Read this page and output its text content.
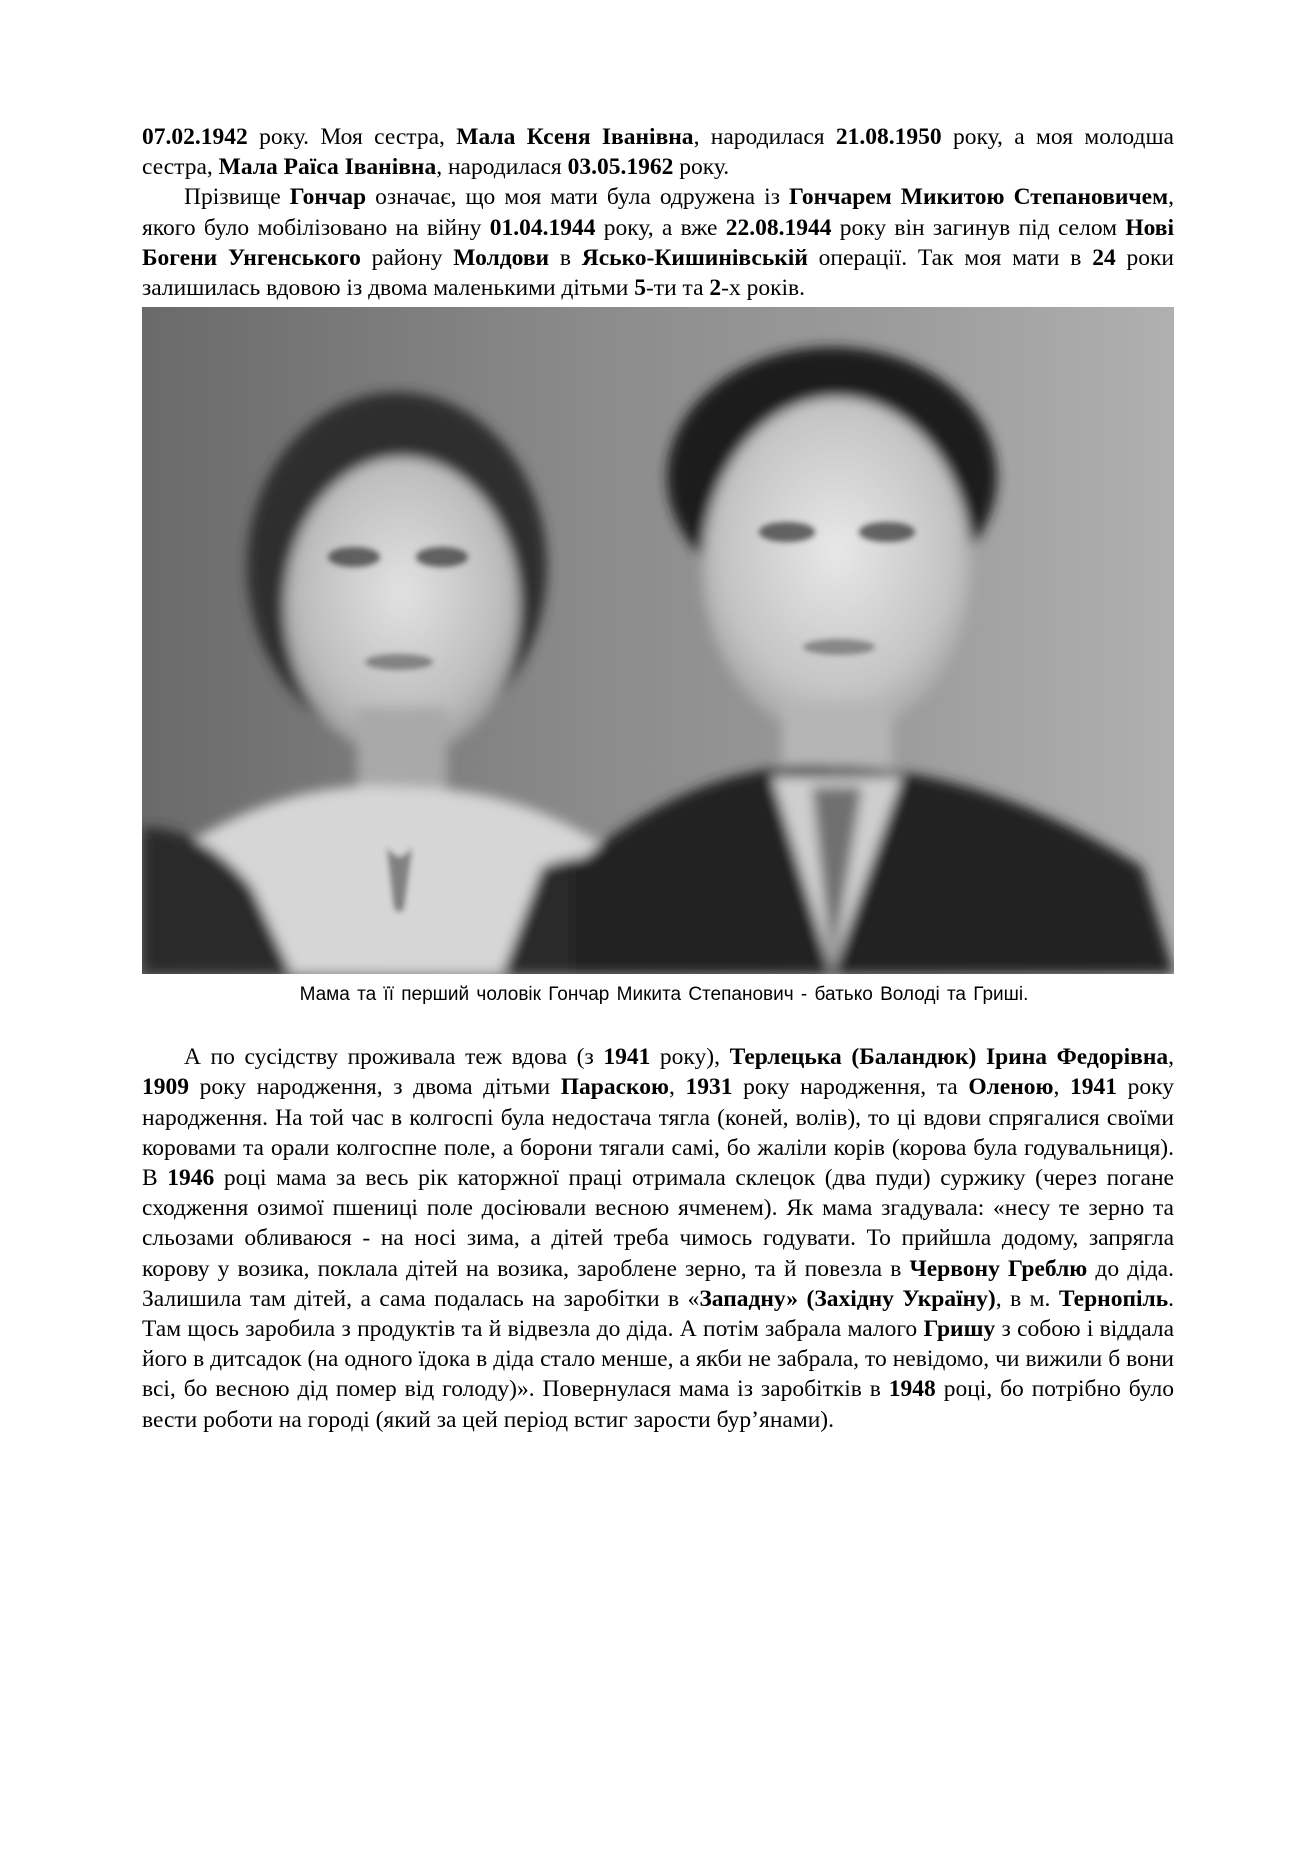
07.02.1942 року. Моя сестра, Мала Ксеня Іванівна, народилася 21.08.1950 року, а моя молодша сестра, Мала Раїса Іванівна, народилася 03.05.1962 року.

Прізвище Гончар означає, що моя мати була одружена із Гончарем Микитою Степановичем, якого було мобілізовано на війну 01.04.1944 року, а вже 22.08.1944 року він загинув під селом Нові Богени Унгенського району Молдови в Ясько-Кишинівській операції. Так моя мати в 24 роки залишилась вдовою із двома маленькими дітьми 5-ти та 2-х років.

Мама та її перший чоловік Гончар Микита Степанович - батько Володі та Гриші.

А по сусідству проживала теж вдова (з 1941 року), Терлецька (Баландюк) Ірина Федорівна, 1909 року народження, з двома дітьми Параскою, 1931 року народження, та Оленою, 1941 року народження. На той час в колгоспі була недостача тягла (коней, волів), то ці вдови спрягалися своїми коровами та орали колгоспне поле, а борони тягали самі, бо жаліли корів (корова була годувальниця). В 1946 році мама за весь рік каторжної праці отримала склецок (два пуди) суржику (через погане сходження озимої пшениці поле досіювали весною ячменем). Як мама згадувала: «несу те зерно та сльозами обливаюся - на носі зима, а дітей треба чимось годувати. То прийшла додому, запрягла корову у возика, поклала дітей на возика, зароблене зерно, та й повезла в Червону Греблю до діда. Залишила там дітей, а сама подалась на заробітки в «Западну» (Західну Україну), в м. Тернопіль. Там щось заробила з продуктів та й відвезла до діда. А потім забрала малого Гришу з собою і віддала його в дитсадок (на одного їдока в діда стало менше, а якби не забрала, то невідомо, чи вижили б вони всі, бо весною дід помер від голоду)». Повернулася мама із заробітків в 1948 році, бо потрібно було вести роботи на городі (який за цей період встиг зарости бур’янами).
